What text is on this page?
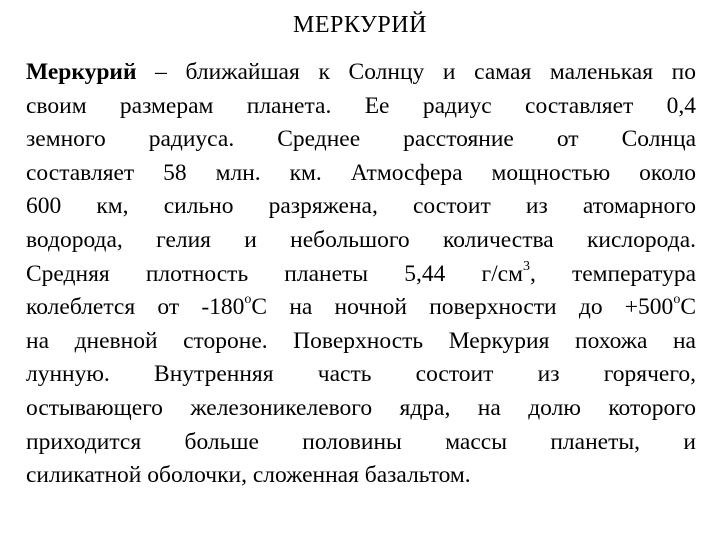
МЕРКУРИЙ
Меркурий – ближайшая к Солнцу и самая маленькая по
своим размерам планета. Ее радиус составляет 0,4
земного радиуса. Среднее расстояние от Солнца
составляет 58 млн. км. Атмосфера мощностью около
600 км, сильно разряжена, состоит из атомарного
водорода, гелия и небольшого количества кислорода.
Средняя плотность планеты 5,44 $г/см^3$, температура
колеблется от $-180^оС$ на ночной поверхности до $+500^оС$
на дневной стороне. Поверхность Меркурия похожа на
лунную. Внутренняя часть состоит из горячего,
остывающего железоникелевого ядра, на долю которого
приходится больше половины массы планеты, и
силикатной оболочки, сложенная базальтом.
